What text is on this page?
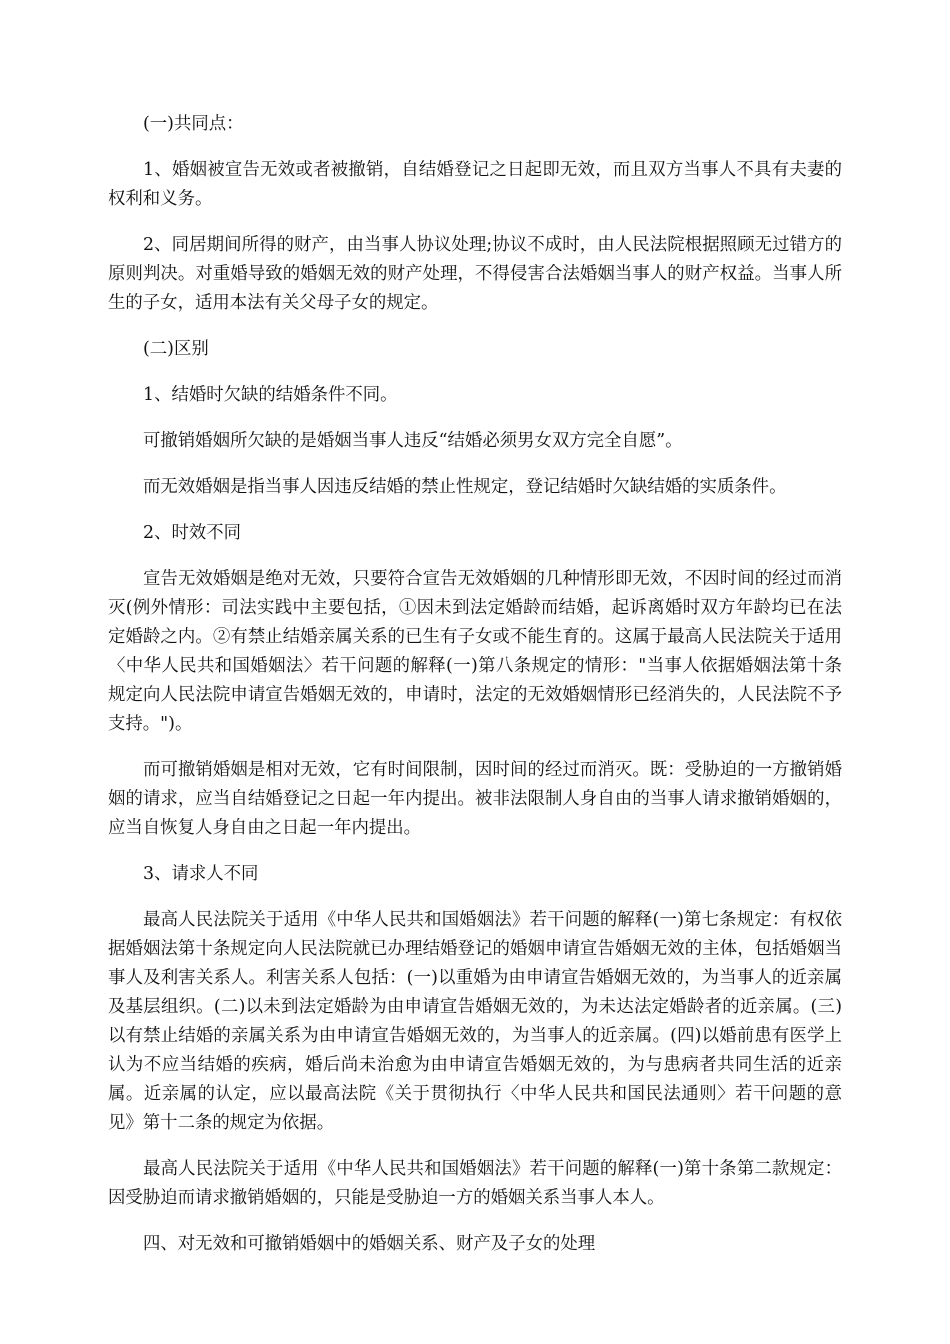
(一)共同点：

1、婚姻被宣告无效或者被撤销，自结婚登记之日起即无效，而且双方当事人不具有夫妻的权利和义务。

2、同居期间所得的财产，由当事人协议处理;协议不成时，由人民法院根据照顾无过错方的原则判决。对重婚导致的婚姻无效的财产处理，不得侵害合法婚姻当事人的财产权益。当事人所生的子女，适用本法有关父母子女的规定。

(二)区别

1、结婚时欠缺的结婚条件不同。

可撤销婚姻所欠缺的是婚姻当事人违反“结婚必须男女双方完全自愿”。

而无效婚姻是指当事人因违反结婚的禁止性规定，登记结婚时欠缺结婚的实质条件。

2、时效不同

宣告无效婚姻是绝对无效，只要符合宣告无效婚姻的几种情形即无效，不因时间的经过而消灭(例外情形：司法实践中主要包括，①因未到法定婚龄而结婚，起诉离婚时双方年龄均已在法定婚龄之内。②有禁止结婚亲属关系的已生有子女或不能生育的。这属于最高人民法院关于适用〈中华人民共和国婚姻法〉若干问题的解释(一)第八条规定的情形："当事人依据婚姻法第十条规定向人民法院申请宣告婚姻无效的，申请时，法定的无效婚姻情形已经消失的，人民法院不予支持。")。

而可撤销婚姻是相对无效，它有时间限制，因时间的经过而消灭。既：受胁迫的一方撤销婚姻的请求，应当自结婚登记之日起一年内提出。被非法限制人身自由的当事人请求撤销婚姻的，应当自恢复人身自由之日起一年内提出。

3、请求人不同

最高人民法院关于适用《中华人民共和国婚姻法》若干问题的解释(一)第七条规定：有权依据婚姻法第十条规定向人民法院就已办理结婚登记的婚姻申请宣告婚姻无效的主体，包括婚姻当事人及利害关系人。利害关系人包括：(一)以重婚为由申请宣告婚姻无效的，为当事人的近亲属及基层组织。(二)以未到法定婚龄为由申请宣告婚姻无效的，为未达法定婚龄者的近亲属。(三)以有禁止结婚的亲属关系为由申请宣告婚姻无效的，为当事人的近亲属。(四)以婚前患有医学上认为不应当结婚的疾病，婚后尚未治愈为由申请宣告婚姻无效的，为与患病者共同生活的近亲属。近亲属的认定，应以最高法院《关于贯彻执行〈中华人民共和国民法通则〉若干问题的意见》第十二条的规定为依据。

最高人民法院关于适用《中华人民共和国婚姻法》若干问题的解释(一)第十条第二款规定：因受胁迫而请求撤销婚姻的，只能是受胁迫一方的婚姻关系当事人本人。

四、对无效和可撤销婚姻中的婚姻关系、财产及子女的处理
